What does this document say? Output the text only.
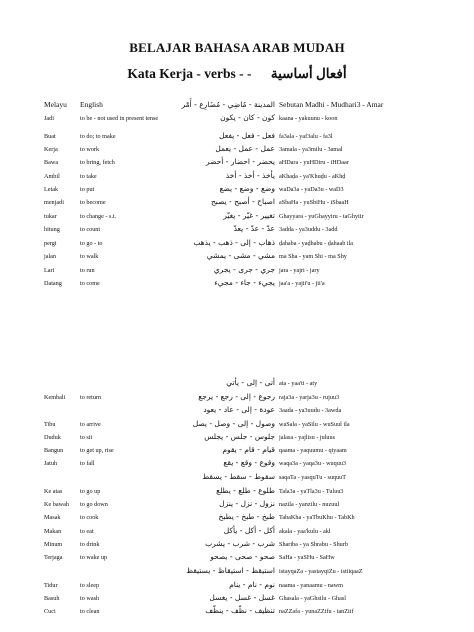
BELAJAR BAHASA ARAB MUDAH
Kata Kerja - verbs - - أفعال أساسية
Melayu English	المدينة - مُاضِي - مُضَارِع - أَمْر Sebutan Madhi - Mudhari3 - Amar
Jadi	to be - not used in present tense	كون - كان - يكون kaana - yakuunu - koon
Buat	to do; to make	فعل - فعل - يفعل fa3ala - yaf3alu - fa3l
Kerja	to work	عمل - عمل - يعمل 3amala - ya3milu - 3amal
Bawa	to bring, fetch	يحضر - احضار - أحضر aHDara - yuHDiru - iHDaar
Ambil	to take	يأخذ - أخذ - أخذ aKhaḏa - ya'Khuḏu - aKhḏ
Letak	to put	وضع - وضع - يضع waDa3a - yaDa3u - waD3
menjadi	to become	اصباح - أصبح - يصبح aSbaHa - yuSbiHu - iSbaaH
tukar	to change - s.t.	تغيير - غيّر - يغيّر Ghayyara - yuGhayyiru - taGhyiir
hitung	to count	عدّ - عدّ - يعدّ 3adda - ya3uddu - 3add
pergi	to go - to	ذهاب - إلى - ذهب - يذهب ḏahaba - yaḏhabu - ḏahaab ila
jalan	to walk	مشي - مشى - يمشي ma Sha - yam Shi - ma Shy
Lari	to run	جري - جرى - يجري jara - yajri - jary
Datang	to come	يجيء - جاء - مجيء jaa'a - yajii'u - jii'a
أتى - إلى - يأتي ata - yaa'ti - aty
Kembali to return	رجوع - إلى - رجع - يرجع raja3a - yarja3u - rujuu3
عودة - إلى - عاد - يعود 3aada - ya3uudu - 3awda
Tibu	to arrive	وصول - إلى - وصل - يصل waSala - yaSilu - wuSuul ila
Duduk	to sit	جلوس - جلس - يجلس jalasa - yajlisu - juluus
Bangun	to get up, rise	قيام - قام - يقوم qaama - yaquumu - qiyaam
Jatuh	to fall	وقوع - وقع - يقع waqa3a - yaqa3u - wuquu3
سقوط - سقط - يسقط saqaTa - yasquTu - suquuT
Ke atas	to go up	طلوع - طلع - يطلع Tala3a - yaTla3u - Tuluu3
Ke bawah to go down	نزول - نزل - ينزل nazila - yanzilu - nuzuul
Masak	to cook	طبخ - طبخ - يطبخ TabaKha - yaTbuKhu - TabKh
Makan	to eat	أكل - أكل - يأكل akala - yaa'kulu - akl
Minum	to drink	شرب - شرب - يشرب Shariba - ya Shrabu - Shurb
Terjaga	to wake up	صحو - صحى - يصحو SaHa - yaSHu - SaHw
استيقظ - استيقاظ - يستيقظ istayqaZa - yastayqiZu - istiiqaaZ
Tidur	to sleep	نوم - نام - ينام naama - yanaamu - nawm
Basuh	to wash	غسل - غسل - يغسل Ghasala - yaGhsilu - Ghasl
Cuci	to clean	تنظيف - نظّف - ينظّف naZZafa - yunaZZifu - tanZiif
